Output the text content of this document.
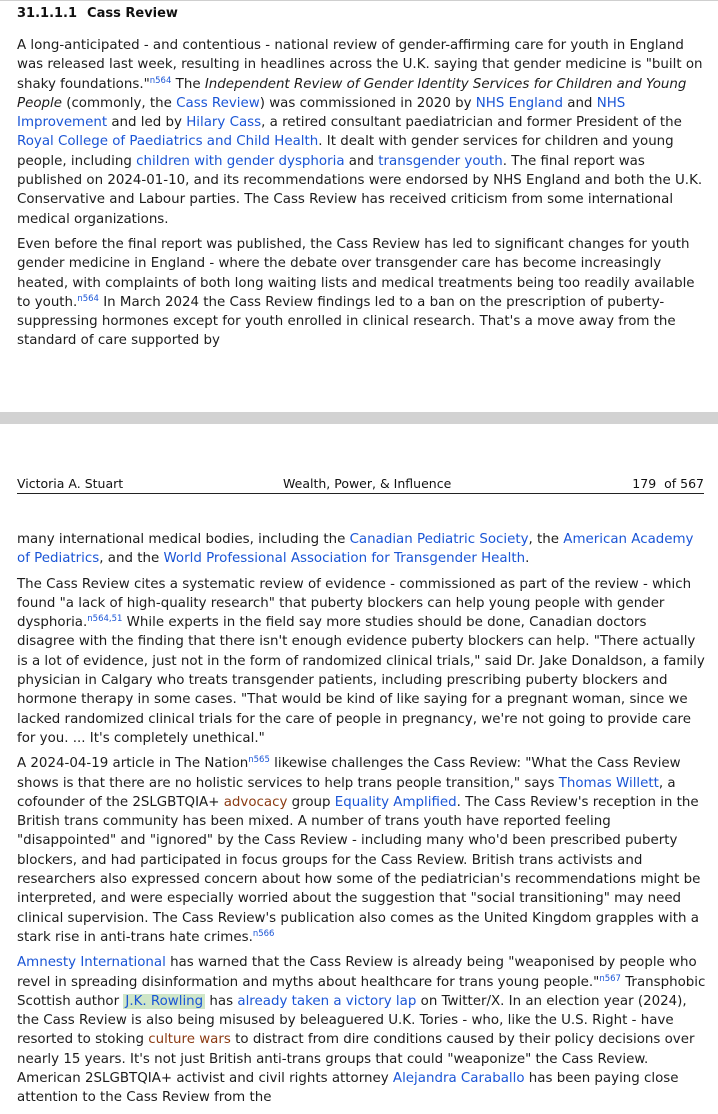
31.1.1.1 Cass Review

A long-anticipated - and contentious - national review of gender-affirming care for youth in England was released last week, resulting in headlines across the U.K. saying that gender medicine is "built on shaky foundations."$^{n564}$ The Independent Review of Gender Identity Services for Children and Young People (commonly, the Cass Review) was commissioned in 2020 by NHS England and NHS Improvement and led by Hilary Cass, a retired consultant paediatrician and former President of the Royal College of Paediatrics and Child Health. It dealt with gender services for children and young people, including children with gender dysphoria and transgender youth. The final report was published on 2024-01-10, and its recommendations were endorsed by NHS England and both the U.K. Conservative and Labour parties. The Cass Review has received criticism from some international medical organizations.

Even before the final report was published, the Cass Review has led to significant changes for youth gender medicine in England - where the debate over transgender care has become increasingly heated, with complaints of both long waiting lists and medical treatments being too readily available to youth.$^{n564}$ In March 2024 the Cass Review findings led to a ban on the prescription of puberty-suppressing hormones except for youth enrolled in clinical research. That's a move away from the standard of care supported by

Victoria A. Stuart	Wealth, Power, & Influence	179 of 567

many international medical bodies, including the Canadian Pediatric Society, the American Academy of Pediatrics, and the World Professional Association for Transgender Health.

The Cass Review cites a systematic review of evidence - commissioned as part of the review - which found "a lack of high-quality research" that puberty blockers can help young people with gender dysphoria.$^{n564,51}$ While experts in the field say more studies should be done, Canadian doctors disagree with the finding that there isn't enough evidence puberty blockers can help. "There actually is a lot of evidence, just not in the form of randomized clinical trials," said Dr. Jake Donaldson, a family physician in Calgary who treats transgender patients, including prescribing puberty blockers and hormone therapy in some cases. "That would be kind of like saying for a pregnant woman, since we lacked randomized clinical trials for the care of people in pregnancy, we're not going to provide care for you. ... It's completely unethical."

A 2024-04-19 article in The Nation$^{n565}$ likewise challenges the Cass Review: "What the Cass Review shows is that there are no holistic services to help trans people transition," says Thomas Willett, a cofounder of the 2SLGBTQIA+ advocacy group Equality Amplified. The Cass Review's reception in the British trans community has been mixed. A number of trans youth have reported feeling "disappointed" and "ignored" by the Cass Review - including many who'd been prescribed puberty blockers, and had participated in focus groups for the Cass Review. British trans activists and researchers also expressed concern about how some of the pediatrician's recommendations might be interpreted, and were especially worried about the suggestion that "social transitioning" may need clinical supervision. The Cass Review's publication also comes as the United Kingdom grapples with a stark rise in anti-trans hate crimes.$^{n566}$

Amnesty International has warned that the Cass Review is already being "weaponised by people who revel in spreading disinformation and myths about healthcare for trans young people."$^{n567}$ Transphobic Scottish author J.K. Rowling has already taken a victory lap on Twitter/X. In an election year (2024), the Cass Review is also being misused by beleaguered U.K. Tories - who, like the U.S. Right - have resorted to stoking culture wars to distract from dire conditions caused by their policy decisions over nearly 15 years. It's not just British anti-trans groups that could "weaponize" the Cass Review. American 2SLGBTQIA+ activist and civil rights attorney Alejandra Caraballo has been paying close attention to the Cass Review from the
